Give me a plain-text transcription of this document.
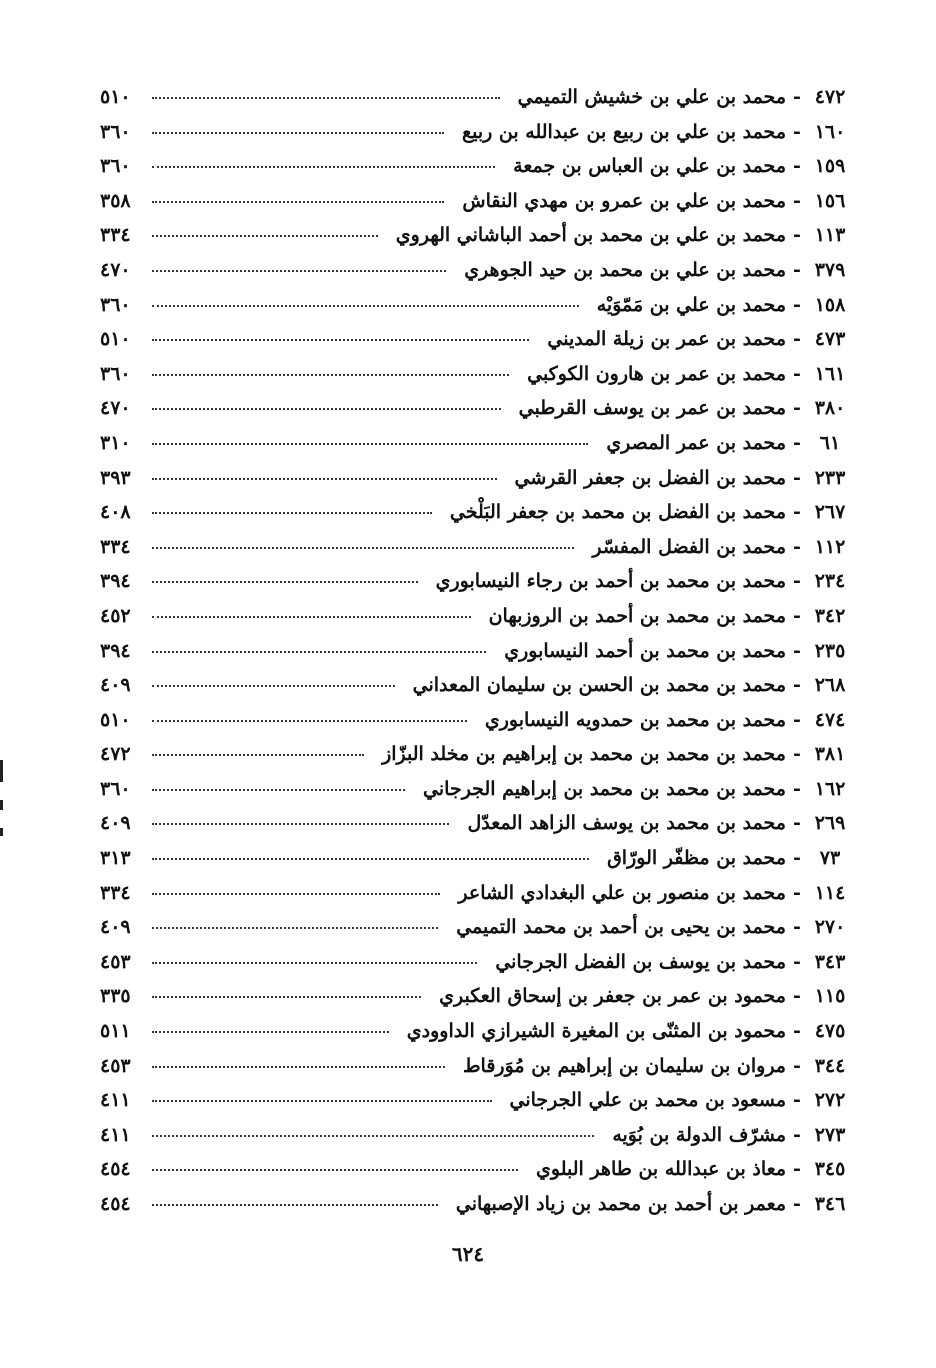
٤٧٢
-
محمد بن علي بن خشيش التميمي
٥١٠
١٦٠
-
محمد بن علي بن ربيع بن عبدالله بن ربيع
٣٦٠
١٥٩
-
محمد بن علي بن العباس بن جمعة
٣٦٠
١٥٦
-
محمد بن علي بن عمرو بن مهدي النقاش
٣٥٨
١١٣
-
محمد بن علي بن محمد بن أحمد الباشاني الهروي
٣٣٤
٣٧٩
-
محمد بن علي بن محمد بن حيد الجوهري
٤٧٠
١٥٨
-
محمد بن علي بن مَمّوَيْه
٣٦٠
٤٧٣
-
محمد بن عمر بن زيلة المديني
٥١٠
١٦١
-
محمد بن عمر بن هارون الكوكبي
٣٦٠
٣٨٠
-
محمد بن عمر بن يوسف القرطبي
٤٧٠
٦١
-
محمد بن عمر المصري
٣١٠
٢٣٣
-
محمد بن الفضل بن جعفر القرشي
٣٩٣
٢٦٧
-
محمد بن الفضل بن محمد بن جعفر البَلْخي
٤٠٨
١١٢
-
محمد بن الفضل المفسّر
٣٣٤
٢٣٤
-
محمد بن محمد بن أحمد بن رجاء النيسابوري
٣٩٤
٣٤٢
-
محمد بن محمد بن أحمد بن الروزبهان
٤٥٢
٢٣٥
-
محمد بن محمد بن أحمد النيسابوري
٣٩٤
٢٦٨
-
محمد بن محمد بن الحسن بن سليمان المعداني
٤٠٩
٤٧٤
-
محمد بن محمد بن حمدويه النيسابوري
٥١٠
٣٨١
-
محمد بن محمد بن محمد بن إبراهيم بن مخلد البزّاز
٤٧٢
١٦٢
-
محمد بن محمد بن محمد بن إبراهيم الجرجاني
٣٦٠
٢٦٩
-
محمد بن محمد بن يوسف الزاهد المعدّل
٤٠٩
٧٣
-
محمد بن مظفّر الورّاق
٣١٣
١١٤
-
محمد بن منصور بن علي البغدادي الشاعر
٣٣٤
٢٧٠
-
محمد بن يحيى بن أحمد بن محمد التميمي
٤٠٩
٣٤٣
-
محمد بن يوسف بن الفضل الجرجاني
٤٥٣
١١٥
-
محمود بن عمر بن جعفر بن إسحاق العكبري
٣٣٥
٤٧٥
-
محمود بن المثنّى بن المغيرة الشيرازي الداوودي
٥١١
٣٤٤
-
مروان بن سليمان بن إبراهيم بن مُوَرقاط
٤٥٣
٢٧٢
-
مسعود بن محمد بن علي الجرجاني
٤١١
٢٧٣
-
مشرّف الدولة بن بُوَيه
٤١١
٣٤٥
-
معاذ بن عبدالله بن طاهر البلوي
٤٥٤
٣٤٦
-
معمر بن أحمد بن محمد بن زياد الإصبهاني
٤٥٤
٦٢٤
